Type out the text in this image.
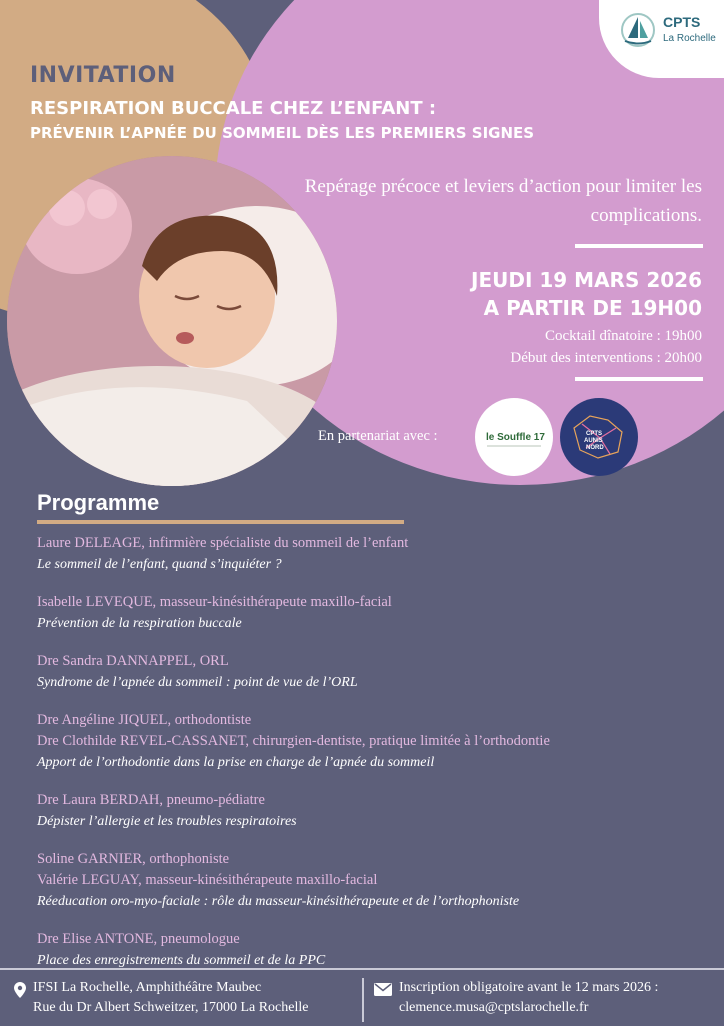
CPTS
La Rochelle
INVITATION
RESPIRATION BUCCALE CHEZ L’ENFANT :
PRÉVENIR L’APNÉE DU SOMMEIL DÈS LES PREMIERS SIGNES
Repérage précoce et leviers d’action pour limiter les complications.
JEUDI 19 MARS 2026
A PARTIR DE 19H00
Cocktail dînatoire : 19h00
Début des interventions : 20h00
En partenariat avec :	le Souffle 17	CPTS
AUNIS
NORD
Programme
Laure DELEAGE, infirmière spécialiste du sommeil de l’enfant
Le sommeil de l’enfant, quand s’inquiéter ?
Isabelle LEVEQUE, masseur-kinésithérapeute maxillo-facial
Prévention de la respiration buccale
Dre Sandra DANNAPPEL, ORL
Syndrome de l’apnée du sommeil : point de vue de l’ORL
Dre Angéline JIQUEL, orthodontiste
Dre Clothilde REVEL-CASSANET, chirurgien-dentiste, pratique limitée à l’orthodontie
Apport de l’orthodontie dans la prise en charge de l’apnée du sommeil
Dre Laura BERDAH, pneumo-pédiatre
Dépister l’allergie et les troubles respiratoires
Soline GARNIER, orthophoniste
Valérie LEGUAY, masseur-kinésithérapeute maxillo-facial
Réeducation oro-myo-faciale : rôle du masseur-kinésithérapeute et de l’orthophoniste
Dre Elise ANTONE, pneumologue
Place des enregistrements du sommeil et de la PPC
IFSI La Rochelle, Amphithéâtre Maubec
Rue du Dr Albert Schweitzer, 17000 La Rochelle
Inscription obligatoire avant le 12 mars 2026 :
clemence.musa@cptslarochelle.fr
